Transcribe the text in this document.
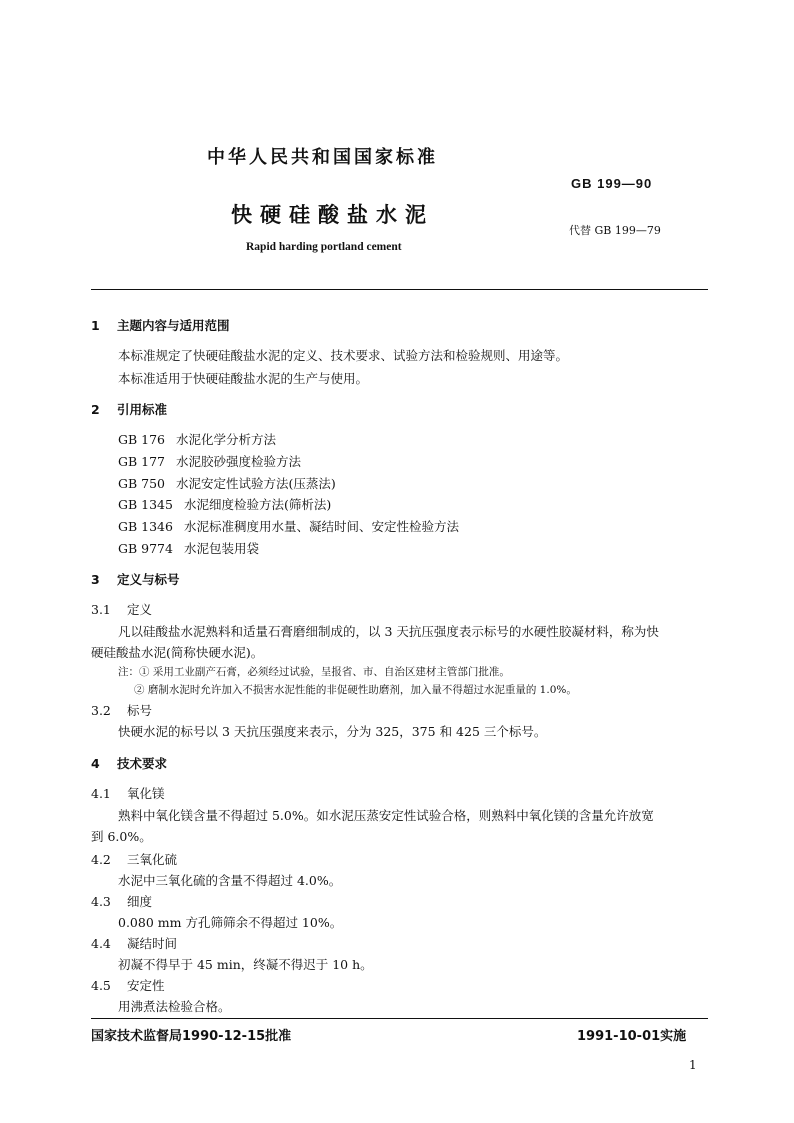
中华人民共和国国家标准
GB 199—90
快硬硅酸盐水泥
代替 GB 199—79
Rapid harding portland cement
1 主题内容与适用范围
本标准规定了快硬硅酸盐水泥的定义、技术要求、试验方法和检验规则、用途等。
本标准适用于快硬硅酸盐水泥的生产与使用。
2 引用标准
GB 176 水泥化学分析方法
GB 177 水泥胶砂强度检验方法
GB 750 水泥安定性试验方法(压蒸法)
GB 1345 水泥细度检验方法(筛析法)
GB 1346 水泥标准稠度用水量、凝结时间、安定性检验方法
GB 9774 水泥包装用袋
3 定义与标号
3.1 定义
凡以硅酸盐水泥熟料和适量石膏磨细制成的，以 3 天抗压强度表示标号的水硬性胶凝材料，称为快
硬硅酸盐水泥(简称快硬水泥)。
注：① 采用工业副产石膏，必须经过试验，呈报省、市、自治区建材主管部门批准。
② 磨制水泥时允许加入不损害水泥性能的非促硬性助磨剂，加入量不得超过水泥重量的 1.0%。
3.2 标号
快硬水泥的标号以 3 天抗压强度来表示，分为 325，375 和 425 三个标号。
4 技术要求
4.1 氧化镁
熟料中氧化镁含量不得超过 5.0%。如水泥压蒸安定性试验合格，则熟料中氧化镁的含量允许放宽
到 6.0%。
4.2 三氧化硫
水泥中三氧化硫的含量不得超过 4.0%。
4.3 细度
0.080 mm 方孔筛筛余不得超过 10%。
4.4 凝结时间
初凝不得早于 45 min，终凝不得迟于 10 h。
4.5 安定性
用沸煮法检验合格。
国家技术监督局1990-12-15批准	1991-10-01实施
1
